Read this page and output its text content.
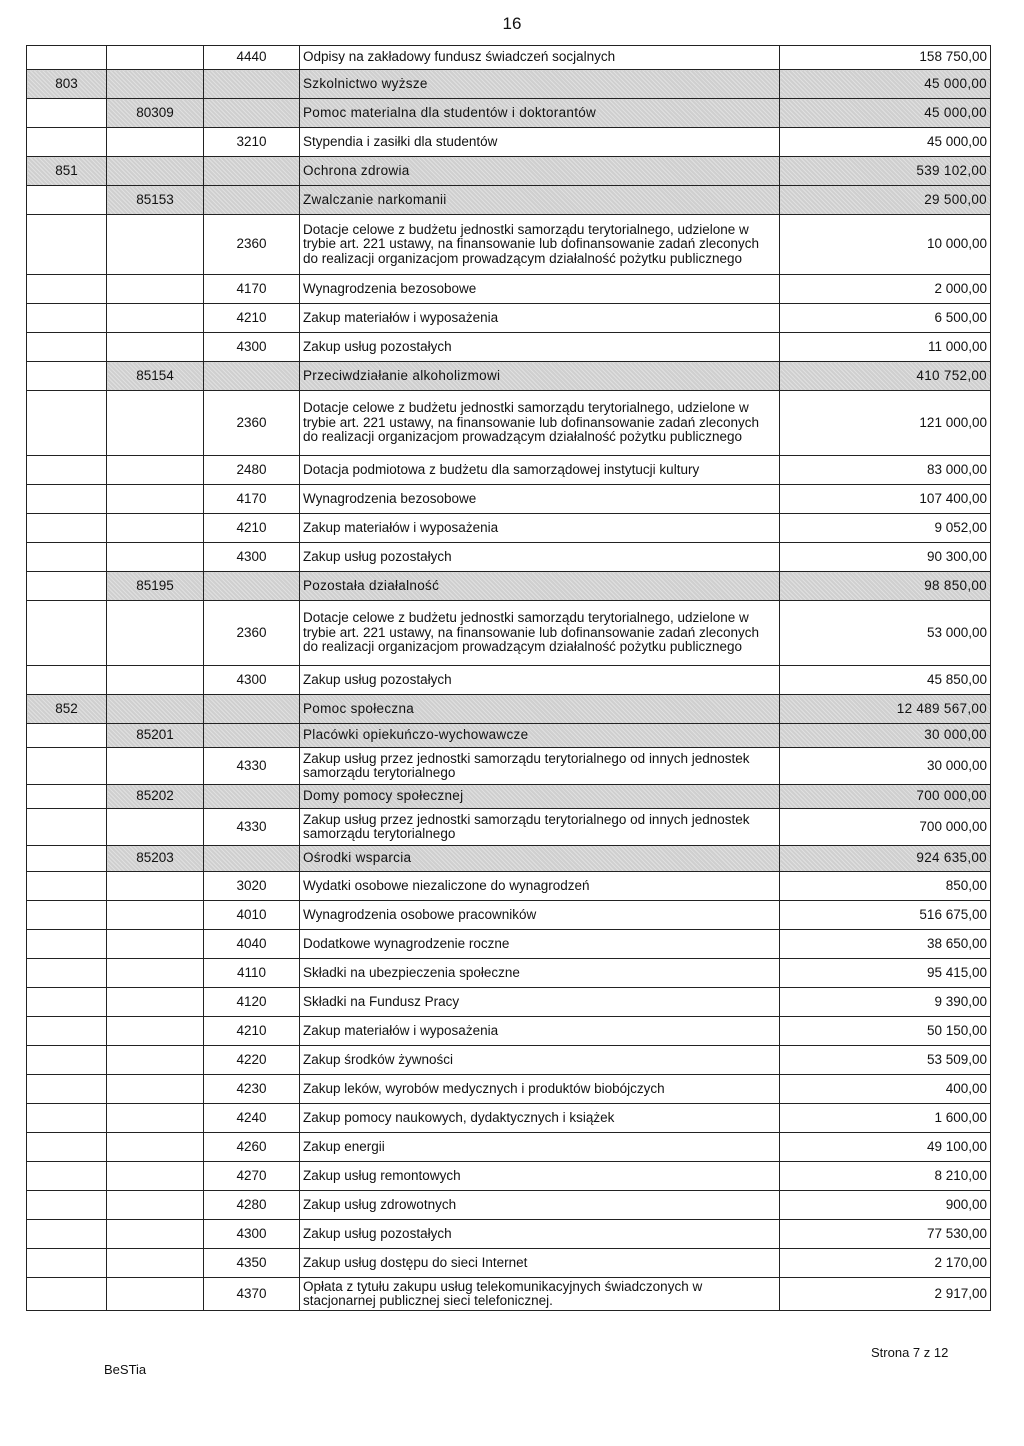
16
		4440	Odpisy na zakładowy fundusz świadczeń socjalnych	158 750,00
803			Szkolnictwo wyższe	45 000,00
	80309		Pomoc materialna dla studentów i doktorantów	45 000,00
		3210	Stypendia i zasiłki dla studentów	45 000,00
851			Ochrona zdrowia	539 102,00
	85153		Zwalczanie narkomanii	29 500,00
		2360	Dotacje celowe z budżetu jednostki samorządu terytorialnego, udzielone w trybie art. 221 ustawy, na finansowanie lub dofinansowanie zadań zleconych do realizacji organizacjom prowadzącym działalność pożytku publicznego	10 000,00
		4170	Wynagrodzenia bezosobowe	2 000,00
		4210	Zakup materiałów i wyposażenia	6 500,00
		4300	Zakup usług pozostałych	11 000,00
	85154		Przeciwdziałanie alkoholizmowi	410 752,00
		2360	Dotacje celowe z budżetu jednostki samorządu terytorialnego, udzielone w trybie art. 221 ustawy, na finansowanie lub dofinansowanie zadań zleconych do realizacji organizacjom prowadzącym działalność pożytku publicznego	121 000,00
		2480	Dotacja podmiotowa z budżetu dla samorządowej instytucji kultury	83 000,00
		4170	Wynagrodzenia bezosobowe	107 400,00
		4210	Zakup materiałów i wyposażenia	9 052,00
		4300	Zakup usług pozostałych	90 300,00
	85195		Pozostała działalność	98 850,00
		2360	Dotacje celowe z budżetu jednostki samorządu terytorialnego, udzielone w trybie art. 221 ustawy, na finansowanie lub dofinansowanie zadań zleconych do realizacji organizacjom prowadzącym działalność pożytku publicznego	53 000,00
		4300	Zakup usług pozostałych	45 850,00
852			Pomoc społeczna	12 489 567,00
	85201		Placówki opiekuńczo-wychowawcze	30 000,00
		4330	Zakup usług przez jednostki samorządu terytorialnego od innych jednostek samorządu terytorialnego	30 000,00
	85202		Domy pomocy społecznej	700 000,00
		4330	Zakup usług przez jednostki samorządu terytorialnego od innych jednostek samorządu terytorialnego	700 000,00
	85203		Ośrodki wsparcia	924 635,00
		3020	Wydatki osobowe niezaliczone do wynagrodzeń	850,00
		4010	Wynagrodzenia osobowe pracowników	516 675,00
		4040	Dodatkowe wynagrodzenie roczne	38 650,00
		4110	Składki na ubezpieczenia społeczne	95 415,00
		4120	Składki na Fundusz Pracy	9 390,00
		4210	Zakup materiałów i wyposażenia	50 150,00
		4220	Zakup środków żywności	53 509,00
		4230	Zakup leków, wyrobów medycznych i produktów biobójczych	400,00
		4240	Zakup pomocy naukowych, dydaktycznych i książek	1 600,00
		4260	Zakup energii	49 100,00
		4270	Zakup usług remontowych	8 210,00
		4280	Zakup usług zdrowotnych	900,00
		4300	Zakup usług pozostałych	77 530,00
		4350	Zakup usług dostępu do sieci Internet	2 170,00
		4370	Opłata z tytułu zakupu usług telekomunikacyjnych świadczonych w stacjonarnej publicznej sieci telefonicznej.	2 917,00
BeSTia
Strona 7 z 12
